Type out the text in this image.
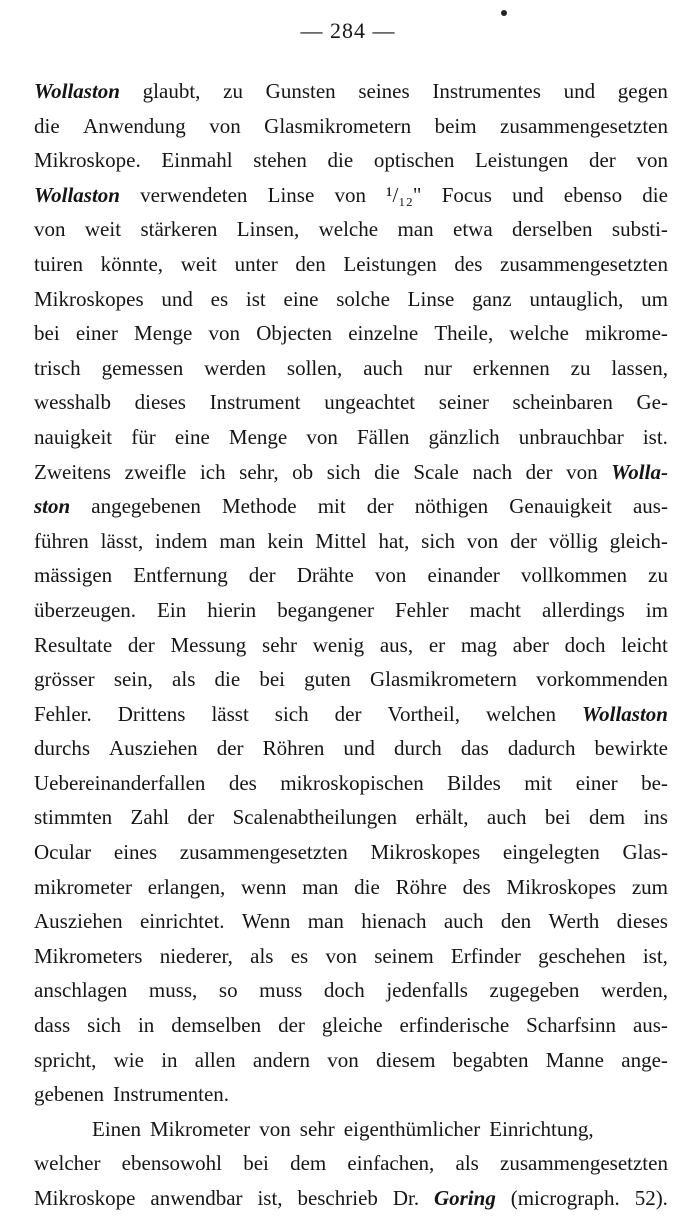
— 284 —
Wollaston glaubt, zu Gunsten seines Instrumentes und gegen
die Anwendung von Glasmikrometern beim zusammengesetzten
Mikroskope. Einmahl stehen die optischen Leistungen der von
Wollaston verwendeten Linse von ¹/₁₂" Focus und ebenso die
von weit stärkeren Linsen, welche man etwa derselben substi-
tuiren könnte, weit unter den Leistungen des zusammengesetzten
Mikroskopes und es ist eine solche Linse ganz untauglich, um
bei einer Menge von Objecten einzelne Theile, welche mikrome-
trisch gemessen werden sollen, auch nur erkennen zu lassen,
wesshalb dieses Instrument ungeachtet seiner scheinbaren Ge-
nauigkeit für eine Menge von Fällen gänzlich unbrauchbar ist.
Zweitens zweifle ich sehr, ob sich die Scale nach der von Wolla-
ston angegebenen Methode mit der nöthigen Genauigkeit aus-
führen lässt, indem man kein Mittel hat, sich von der völlig gleich-
mässigen Entfernung der Drähte von einander vollkommen zu
überzeugen. Ein hierin begangener Fehler macht allerdings im
Resultate der Messung sehr wenig aus, er mag aber doch leicht
grösser sein, als die bei guten Glasmikrometern vorkommenden
Fehler. Drittens lässt sich der Vortheil, welchen Wollaston
durchs Ausziehen der Röhren und durch das dadurch bewirkte
Uebereinanderfallen des mikroskopischen Bildes mit einer be-
stimmten Zahl der Scalenabtheilungen erhält, auch bei dem ins
Ocular eines zusammengesetzten Mikroskopes eingelegten Glas-
mikrometer erlangen, wenn man die Röhre des Mikroskopes zum
Ausziehen einrichtet. Wenn man hienach auch den Werth dieses
Mikrometers niederer, als es von seinem Erfinder geschehen ist,
anschlagen muss, so muss doch jedenfalls zugegeben werden,
dass sich in demselben der gleiche erfinderische Scharfsinn aus-
spricht, wie in allen andern von diesem begabten Manne ange-
gebenen Instrumenten.
Einen Mikrometer von sehr eigenthümlicher Einrichtung,
welcher ebensowohl bei dem einfachen, als zusammengesetzten
Mikroskope anwendbar ist, beschrieb Dr. Goring (micrograph. 52).
